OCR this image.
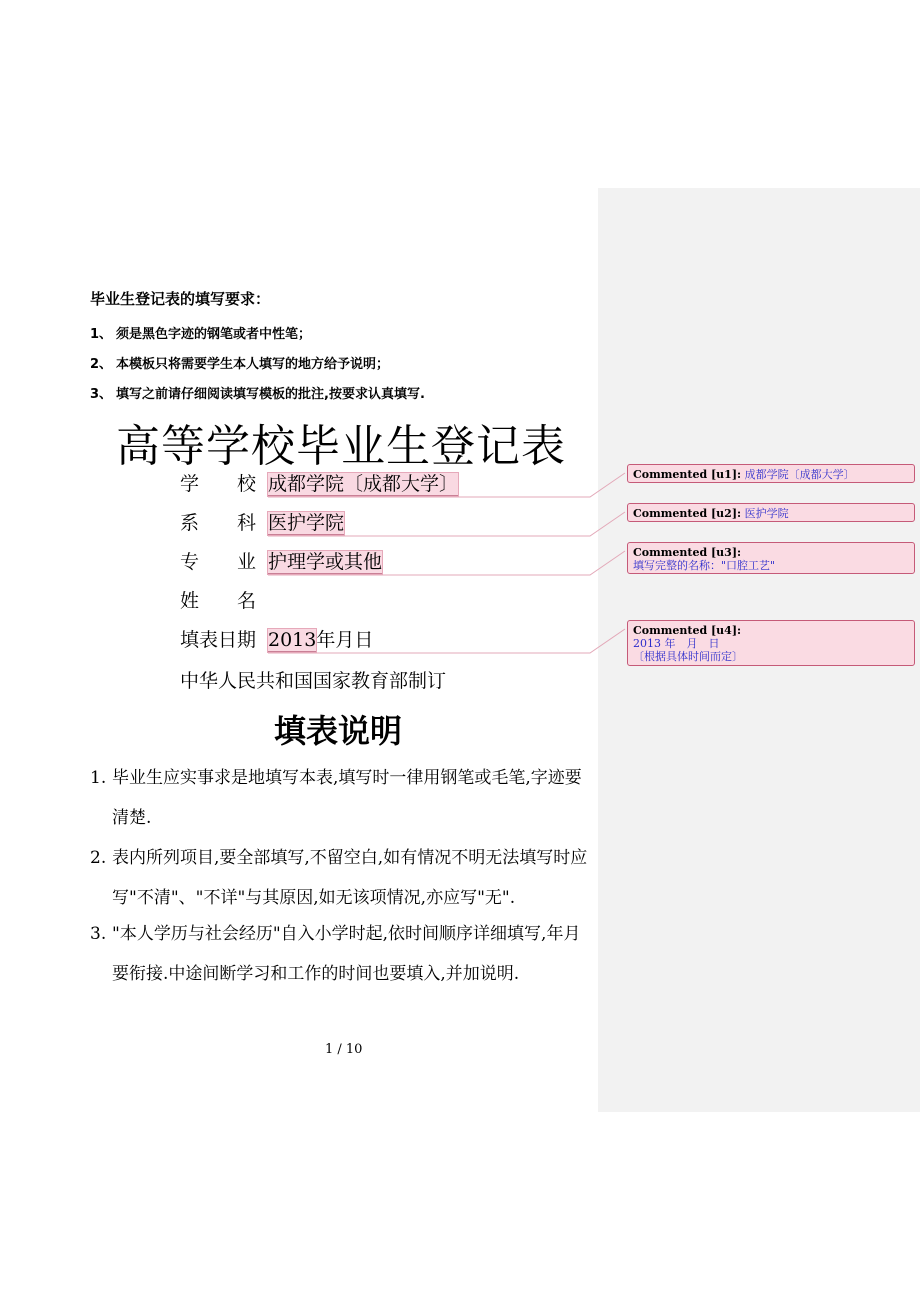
毕业生登记表的填写要求：
1、 须是黑色字迹的钢笔或者中性笔；
2、 本模板只将需要学生本人填写的地方给予说明；
3、 填写之前请仔细阅读填写模板的批注,按要求认真填写.
高等学校毕业生登记表
学　　校 成都学院〔成都大学〕
系　　科 医护学院
专　　业 护理学或其他
姓　　名
填表日期 2013年月日
中华人民共和国国家教育部制订
填表说明
1. 毕业生应实事求是地填写本表,填写时一律用钢笔或毛笔,字迹要清楚.
2. 表内所列项目,要全部填写,不留空白,如有情况不明无法填写时应写"不清"、"不详"与其原因,如无该项情况,亦应写"无".
3. "本人学历与社会经历"自入小学时起,依时间顺序详细填写,年月要衔接.中途间断学习和工作的时间也要填入,并加说明.
1 / 10
Commented [u1]: 成都学院〔成都大学〕
Commented [u2]: 医护学院
Commented [u3]:
填写完整的名称："口腔工艺"
Commented [u4]:
2013 年　月　日
〔根据具体时间而定〕
